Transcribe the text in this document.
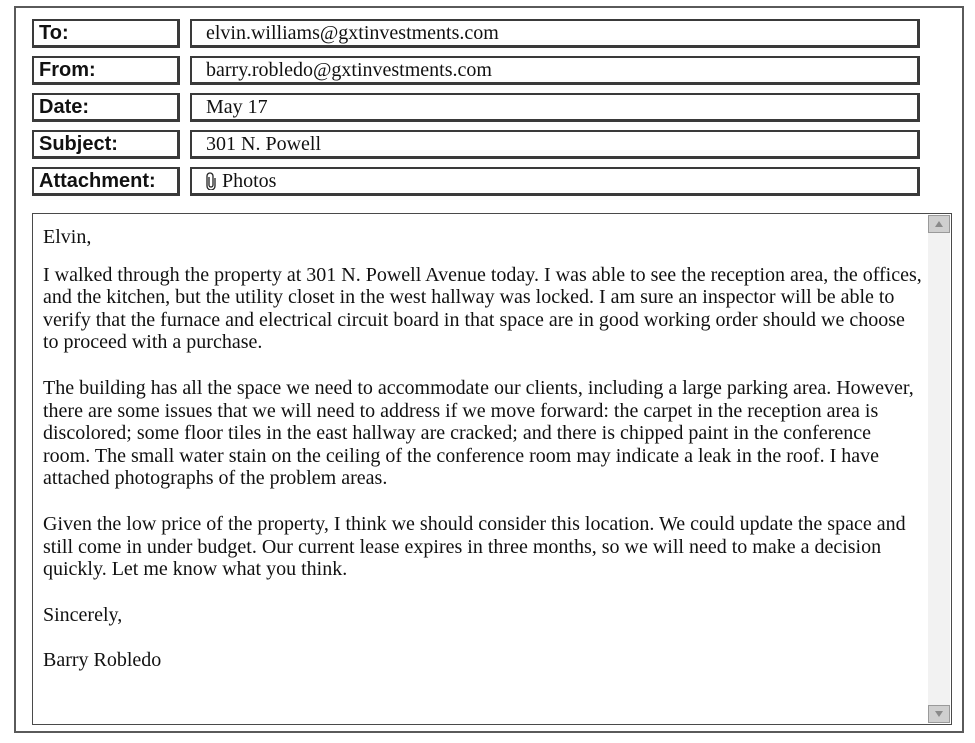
To:	elvin.williams@gxtinvestments.com
From:	barry.robledo@gxtinvestments.com
Date:	May 17
Subject:	301 N. Powell
Attachment:	Photos

Elvin,

I walked through the property at 301 N. Powell Avenue today. I was able to see the reception area, the offices, and the kitchen, but the utility closet in the west hallway was locked. I am sure an inspector will be able to verify that the furnace and electrical circuit board in that space are in good working order should we choose to proceed with a purchase.

The building has all the space we need to accommodate our clients, including a large parking area. However, there are some issues that we will need to address if we move forward: the carpet in the reception area is discolored; some floor tiles in the east hallway are cracked; and there is chipped paint in the conference room. The small water stain on the ceiling of the conference room may indicate a leak in the roof. I have attached photographs of the problem areas.

Given the low price of the property, I think we should consider this location. We could update the space and still come in under budget. Our current lease expires in three months, so we will need to make a decision quickly. Let me know what you think.

Sincerely,

Barry Robledo
